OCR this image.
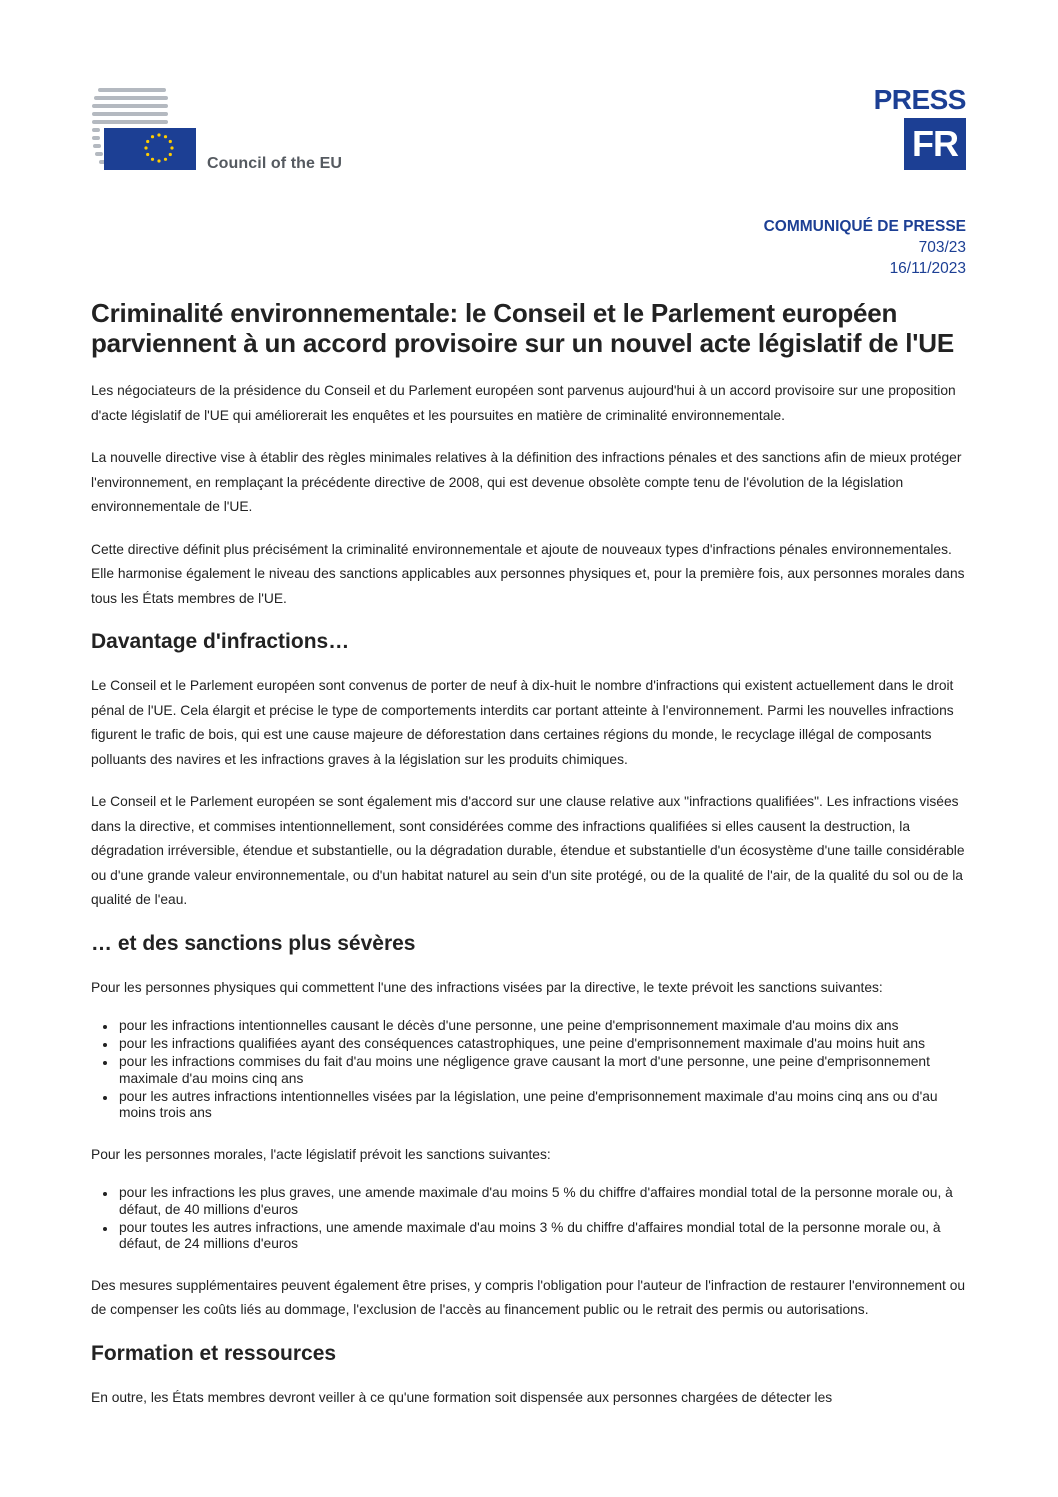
Council of the EU
PRESS
FR
COMMUNIQUÉ DE PRESSE
703/23
16/11/2023
Criminalité environnementale: le Conseil et le Parlement européen parviennent à un accord provisoire sur un nouvel acte législatif de l'UE

Les négociateurs de la présidence du Conseil et du Parlement européen sont parvenus aujourd'hui à un accord provisoire sur une proposition d'acte législatif de l'UE qui améliorerait les enquêtes et les poursuites en matière de criminalité environnementale.

La nouvelle directive vise à établir des règles minimales relatives à la définition des infractions pénales et des sanctions afin de mieux protéger l'environnement, en remplaçant la précédente directive de 2008, qui est devenue obsolète compte tenu de l'évolution de la législation environnementale de l'UE.

Cette directive définit plus précisément la criminalité environnementale et ajoute de nouveaux types d'infractions pénales environnementales. Elle harmonise également le niveau des sanctions applicables aux personnes physiques et, pour la première fois, aux personnes morales dans tous les États membres de l'UE.

Davantage d'infractions…

Le Conseil et le Parlement européen sont convenus de porter de neuf à dix-huit le nombre d'infractions qui existent actuellement dans le droit pénal de l'UE. Cela élargit et précise le type de comportements interdits car portant atteinte à l'environnement. Parmi les nouvelles infractions figurent le trafic de bois, qui est une cause majeure de déforestation dans certaines régions du monde, le recyclage illégal de composants polluants des navires et les infractions graves à la législation sur les produits chimiques.

Le Conseil et le Parlement européen se sont également mis d'accord sur une clause relative aux "infractions qualifiées". Les infractions visées dans la directive, et commises intentionnellement, sont considérées comme des infractions qualifiées si elles causent la destruction, la dégradation irréversible, étendue et substantielle, ou la dégradation durable, étendue et substantielle d'un écosystème d'une taille considérable ou d'une grande valeur environnementale, ou d'un habitat naturel au sein d'un site protégé, ou de la qualité de l'air, de la qualité du sol ou de la qualité de l'eau.

… et des sanctions plus sévères

Pour les personnes physiques qui commettent l'une des infractions visées par la directive, le texte prévoit les sanctions suivantes:

• pour les infractions intentionnelles causant le décès d'une personne, une peine d'emprisonnement maximale d'au moins dix ans
• pour les infractions qualifiées ayant des conséquences catastrophiques, une peine d'emprisonnement maximale d'au moins huit ans
• pour les infractions commises du fait d'au moins une négligence grave causant la mort d'une personne, une peine d'emprisonnement maximale d'au moins cinq ans
• pour les autres infractions intentionnelles visées par la législation, une peine d'emprisonnement maximale d'au moins cinq ans ou d'au moins trois ans

Pour les personnes morales, l'acte législatif prévoit les sanctions suivantes:

• pour les infractions les plus graves, une amende maximale d'au moins 5 % du chiffre d'affaires mondial total de la personne morale ou, à défaut, de 40 millions d'euros
• pour toutes les autres infractions, une amende maximale d'au moins 3 % du chiffre d'affaires mondial total de la personne morale ou, à défaut, de 24 millions d'euros

Des mesures supplémentaires peuvent également être prises, y compris l'obligation pour l'auteur de l'infraction de restaurer l'environnement ou de compenser les coûts liés au dommage, l'exclusion de l'accès au financement public ou le retrait des permis ou autorisations.

Formation et ressources

En outre, les États membres devront veiller à ce qu'une formation soit dispensée aux personnes chargées de détecter les
